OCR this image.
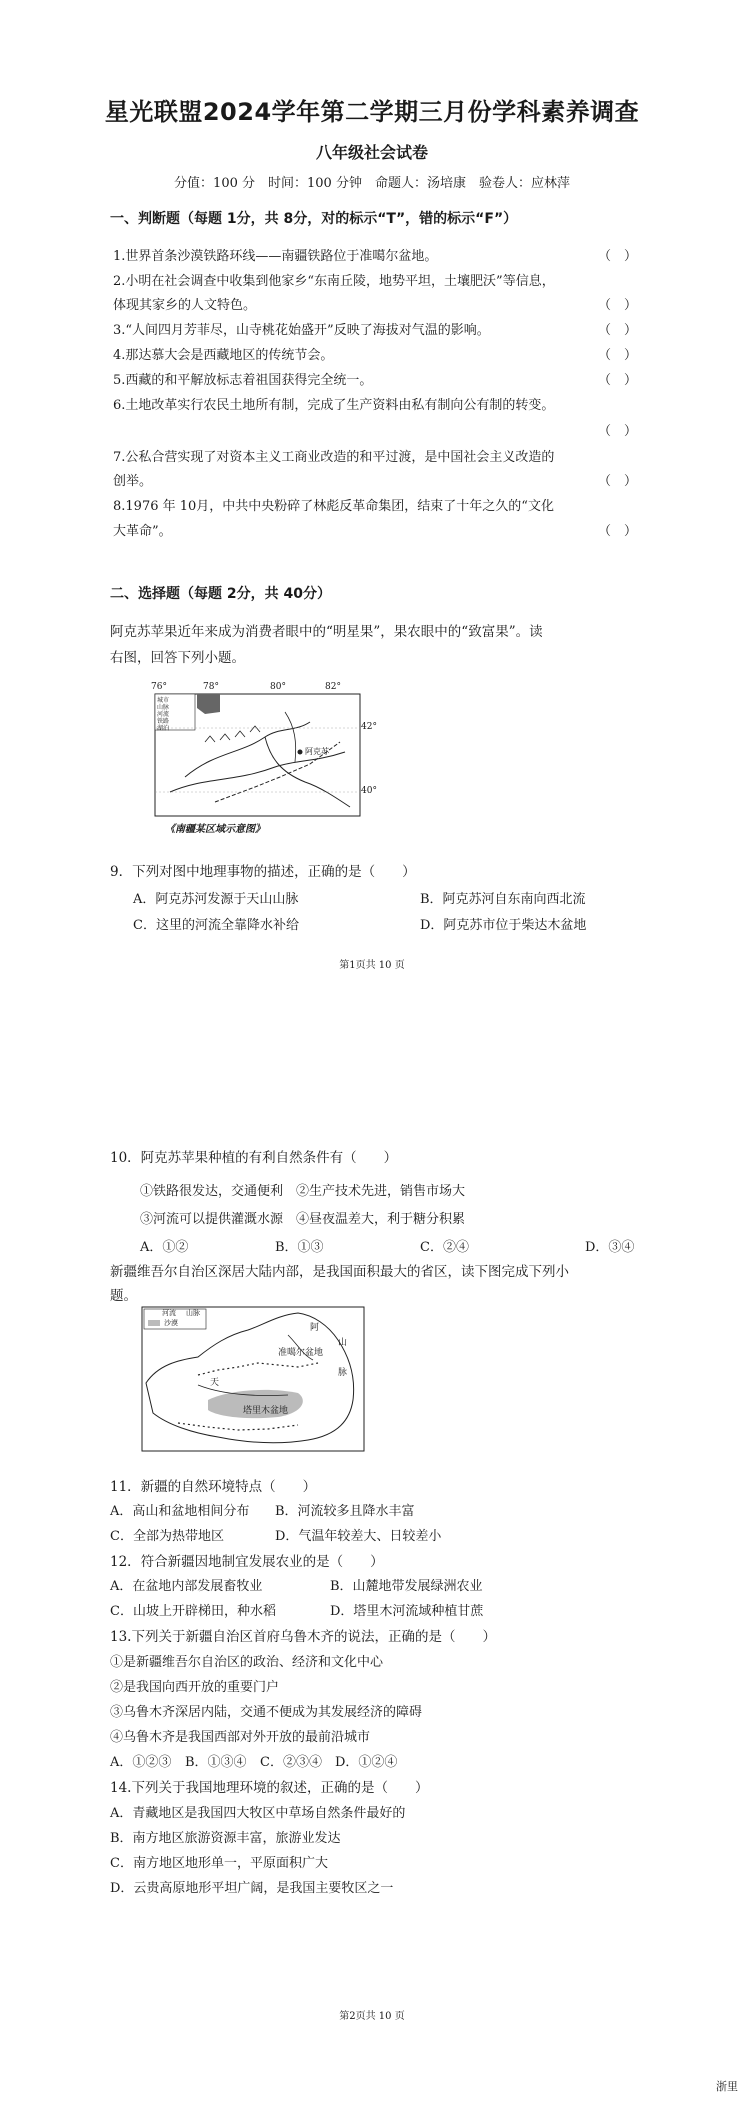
星光联盟2024学年第二学期三月份学科素养调查
八年级社会试卷
分值：100 分　时间：100 分钟　命题人：汤培康　验卷人：应林萍
一、判断题（每题 1分，共 8分，对的标示“T”，错的标示“F”）
1.世界首条沙漠铁路环线——南疆铁路位于准噶尔盆地。	（　）
2.小明在社会调查中收集到他家乡“东南丘陵，地势平坦，土壤肥沃”等信息，
体现其家乡的人文特色。	（　）
3.“人间四月芳菲尽，山寺桃花始盛开”反映了海拔对气温的影响。	（　）
4.那达慕大会是西藏地区的传统节会。	（　）
5.西藏的和平解放标志着祖国获得完全统一。	（　）
6.土地改革实行农民土地所有制，完成了生产资料由私有制向公有制的转变。
（　）
7.公私合营实现了对资本主义工商业改造的和平过渡，是中国社会主义改造的
创举。	（　）
8.1976 年 10月，中共中央粉碎了林彪反革命集团，结束了十年之久的“文化
大革命”。	（　）
二、选择题（每题 2分，共 40分）
阿克苏苹果近年来成为消费者眼中的“明星果”，果农眼中的“致富果”。读
右图，回答下列小题。
76°	78°	80°	82°
42°
40°
城市
山脉
河流
铁路
湖泊
阿克苏
《南疆某区域示意图》
9．下列对图中地理事物的描述，正确的是（　　）
A．阿克苏河发源于天山山脉	B．阿克苏河自东南向西北流
C．这里的河流全靠降水补给	D．阿克苏市位于柴达木盆地
第1页共 10 页
10．阿克苏苹果种植的有利自然条件有（　　）
①铁路很发达，交通便利　②生产技术先进，销售市场大
③河流可以提供灌溉水源　④昼夜温差大，利于糖分积累
A．①②	B．①③	C．②④	D．③④
新疆维吾尔自治区深居大陆内部，是我国面积最大的省区，读下图完成下列小
题。
河流 山脉
沙漠
准噶尔盆地
塔里木盆地
阿
山
脉
天
11．新疆的自然环境特点（　　）
A．高山和盆地相间分布 B．河流较多且降水丰富
C．全部为热带地区	D．气温年较差大、日较差小
12．符合新疆因地制宜发展农业的是（　　）
A．在盆地内部发展畜牧业	B．山麓地带发展绿洲农业
C．山坡上开辟梯田，种水稻	D．塔里木河流域种植甘蔗
13.下列关于新疆自治区首府乌鲁木齐的说法，正确的是（　　）
①是新疆维吾尔自治区的政治、经济和文化中心
②是我国向西开放的重要门户
③乌鲁木齐深居内陆，交通不便成为其发展经济的障碍
④乌鲁木齐是我国西部对外开放的最前沿城市
A．①②③ B．①③④ C．②③④ D．①②④
14.下列关于我国地理环境的叙述，正确的是（　　）
A．青藏地区是我国四大牧区中草场自然条件最好的
B．南方地区旅游资源丰富，旅游业发达
C．南方地区地形单一，平原面积广大
D．云贵高原地形平坦广阔，是我国主要牧区之一
第2页共 10 页
浙里
